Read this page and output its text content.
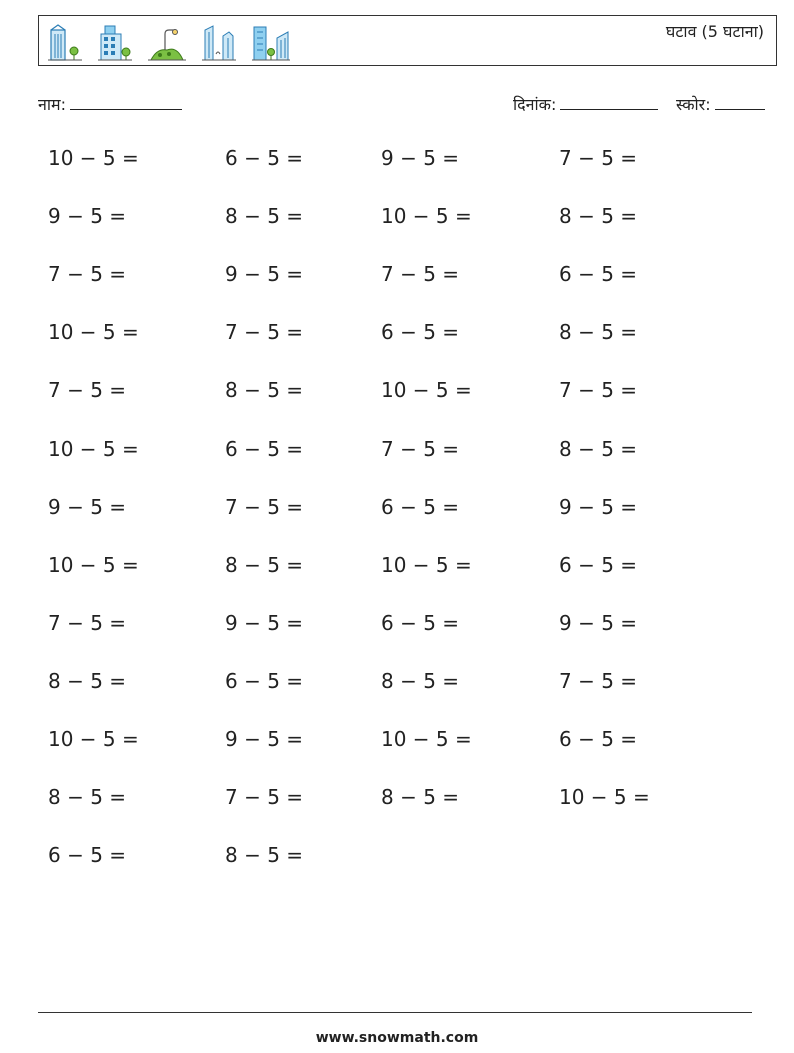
घटाव (5 घटाना)
नाम:	दिनांक:	स्कोर:
10 − 5 =	6 − 5 =	9 − 5 =	7 − 5 =
9 − 5 =	8 − 5 =	10 − 5 =	8 − 5 =
7 − 5 =	9 − 5 =	7 − 5 =	6 − 5 =
10 − 5 =	7 − 5 =	6 − 5 =	8 − 5 =
7 − 5 =	8 − 5 =	10 − 5 =	7 − 5 =
10 − 5 =	6 − 5 =	7 − 5 =	8 − 5 =
9 − 5 =	7 − 5 =	6 − 5 =	9 − 5 =
10 − 5 =	8 − 5 =	10 − 5 =	6 − 5 =
7 − 5 =	9 − 5 =	6 − 5 =	9 − 5 =
8 − 5 =	6 − 5 =	8 − 5 =	7 − 5 =
10 − 5 =	9 − 5 =	10 − 5 =	6 − 5 =
8 − 5 =	7 − 5 =	8 − 5 =	10 − 5 =
6 − 5 =	8 − 5 =
www.snowmath.com
